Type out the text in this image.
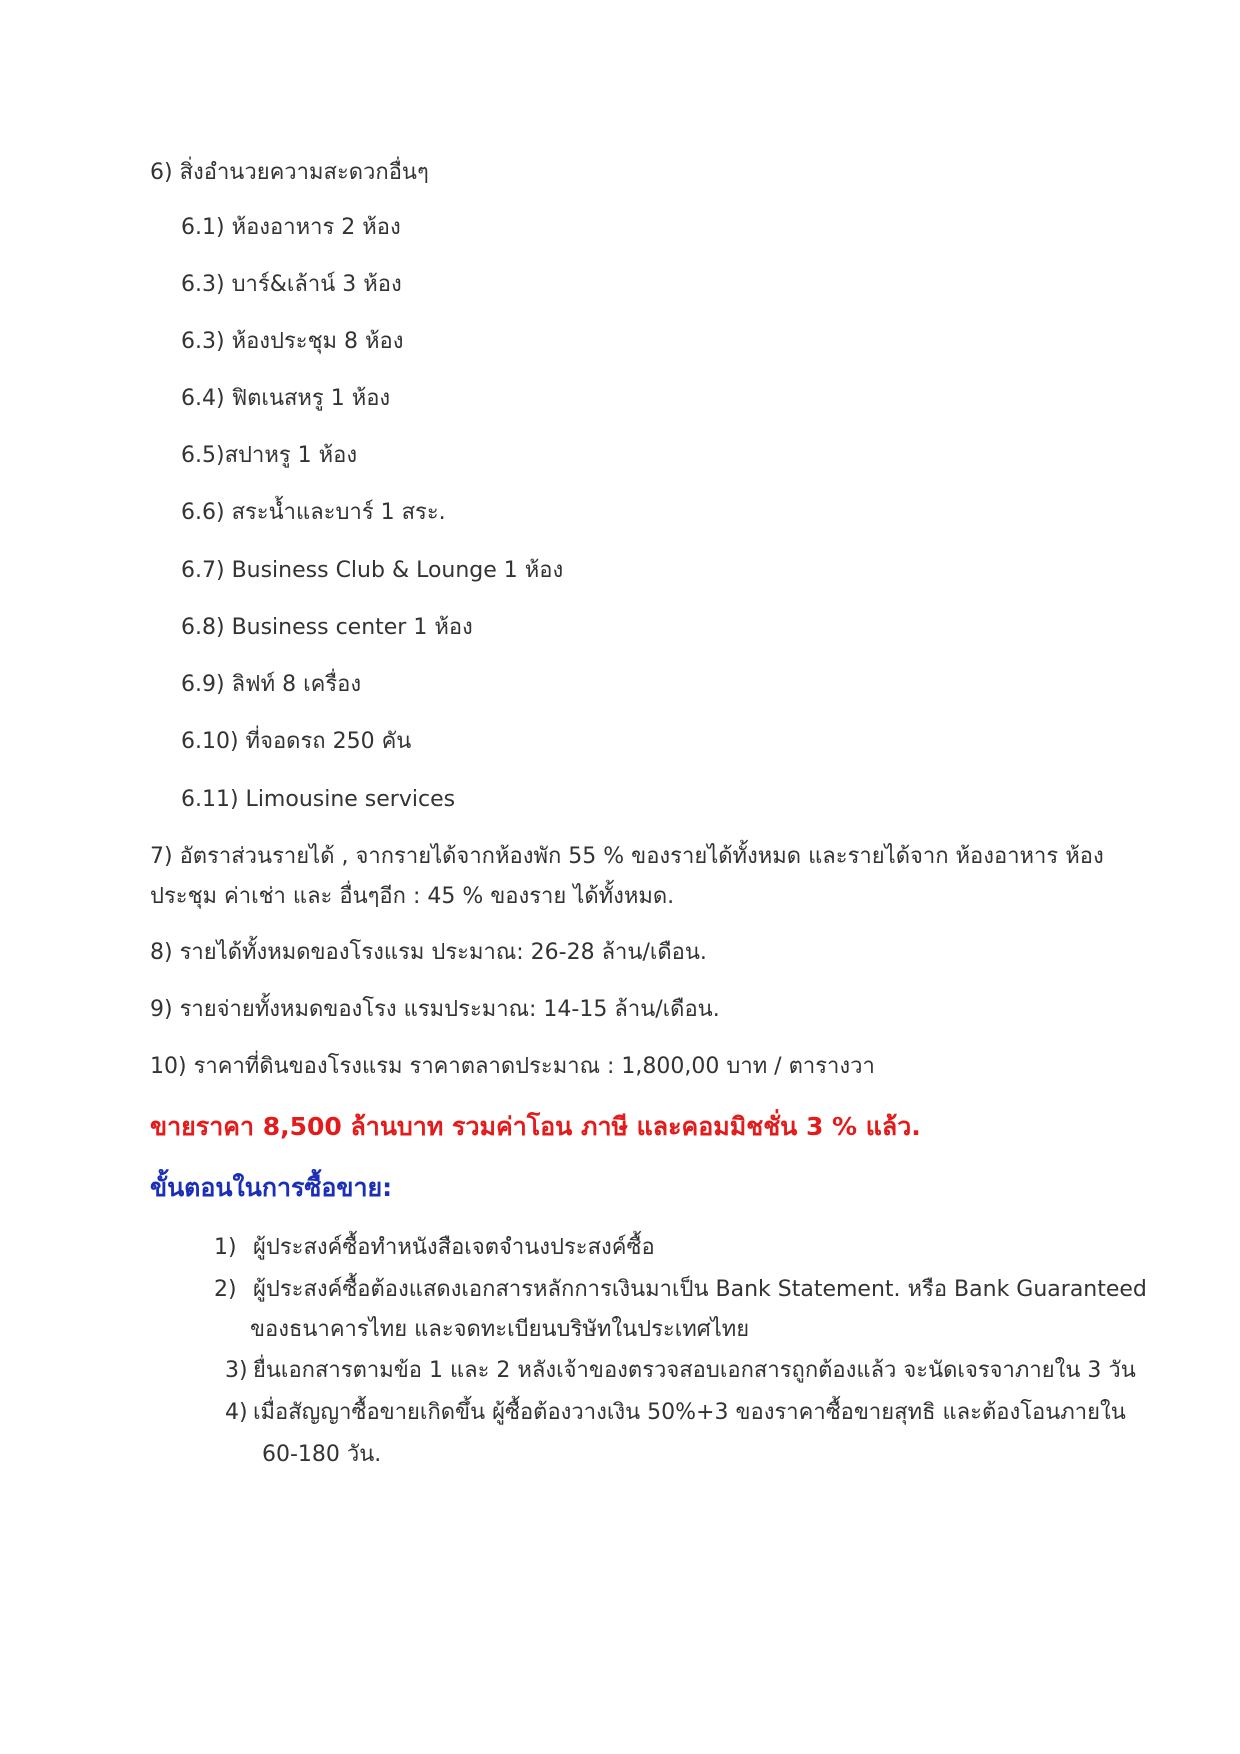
6) สิ่งอำนวยความสะดวกอื่นๆ
6.1) ห้องอาหาร 2 ห้อง
6.3) บาร์&เล้าน์ 3 ห้อง
6.3) ห้องประชุม 8 ห้อง
6.4) ฟิตเนสหรู 1 ห้อง
6.5)สปาหรู 1 ห้อง
6.6) สระน้ำและบาร์ 1 สระ.
6.7) Business Club & Lounge 1 ห้อง
6.8) Business center 1 ห้อง
6.9) ลิฟท์ 8 เครื่อง
6.10) ที่จอดรถ 250 คัน
6.11) Limousine services
7) อัตราส่วนรายได้ , จากรายได้จากห้องพัก 55 % ของรายได้ทั้งหมด และรายได้จาก ห้องอาหาร ห้อง
ประชุม ค่าเช่า และ อื่นๆอีก : 45 % ของราย ได้ทั้งหมด.
8) รายได้ทั้งหมดของโรงแรม ประมาณ: 26-28 ล้าน/เดือน.
9) รายจ่ายทั้งหมดของโรง แรมประมาณ: 14-15 ล้าน/เดือน.
10) ราคาที่ดินของโรงแรม ราคาตลาดประมาณ : 1,800,00 บาท / ตารางวา
ขายราคา 8,500 ล้านบาท รวมค่าโอน ภาษี และคอมมิชชั่น 3 % แล้ว.
ขั้นตอนในการซื้อขาย:
1) ผู้ประสงค์ซื้อทำหนังสือเจตจำนงประสงค์ซื้อ
2) ผู้ประสงค์ซื้อต้องแสดงเอกสารหลักการเงินมาเป็น Bank Statement. หรือ Bank Guaranteed
ของธนาคารไทย และจดทะเบียนบริษัทในประเทศไทย
3) ยื่นเอกสารตามข้อ 1 และ 2 หลังเจ้าของตรวจสอบเอกสารถูกต้องแล้ว จะนัดเจรจาภายใน 3 วัน
4) เมื่อสัญญาซื้อขายเกิดขึ้น ผู้ซื้อต้องวางเงิน 50%+3 ของราคาซื้อขายสุทธิ และต้องโอนภายใน
60-180 วัน.
